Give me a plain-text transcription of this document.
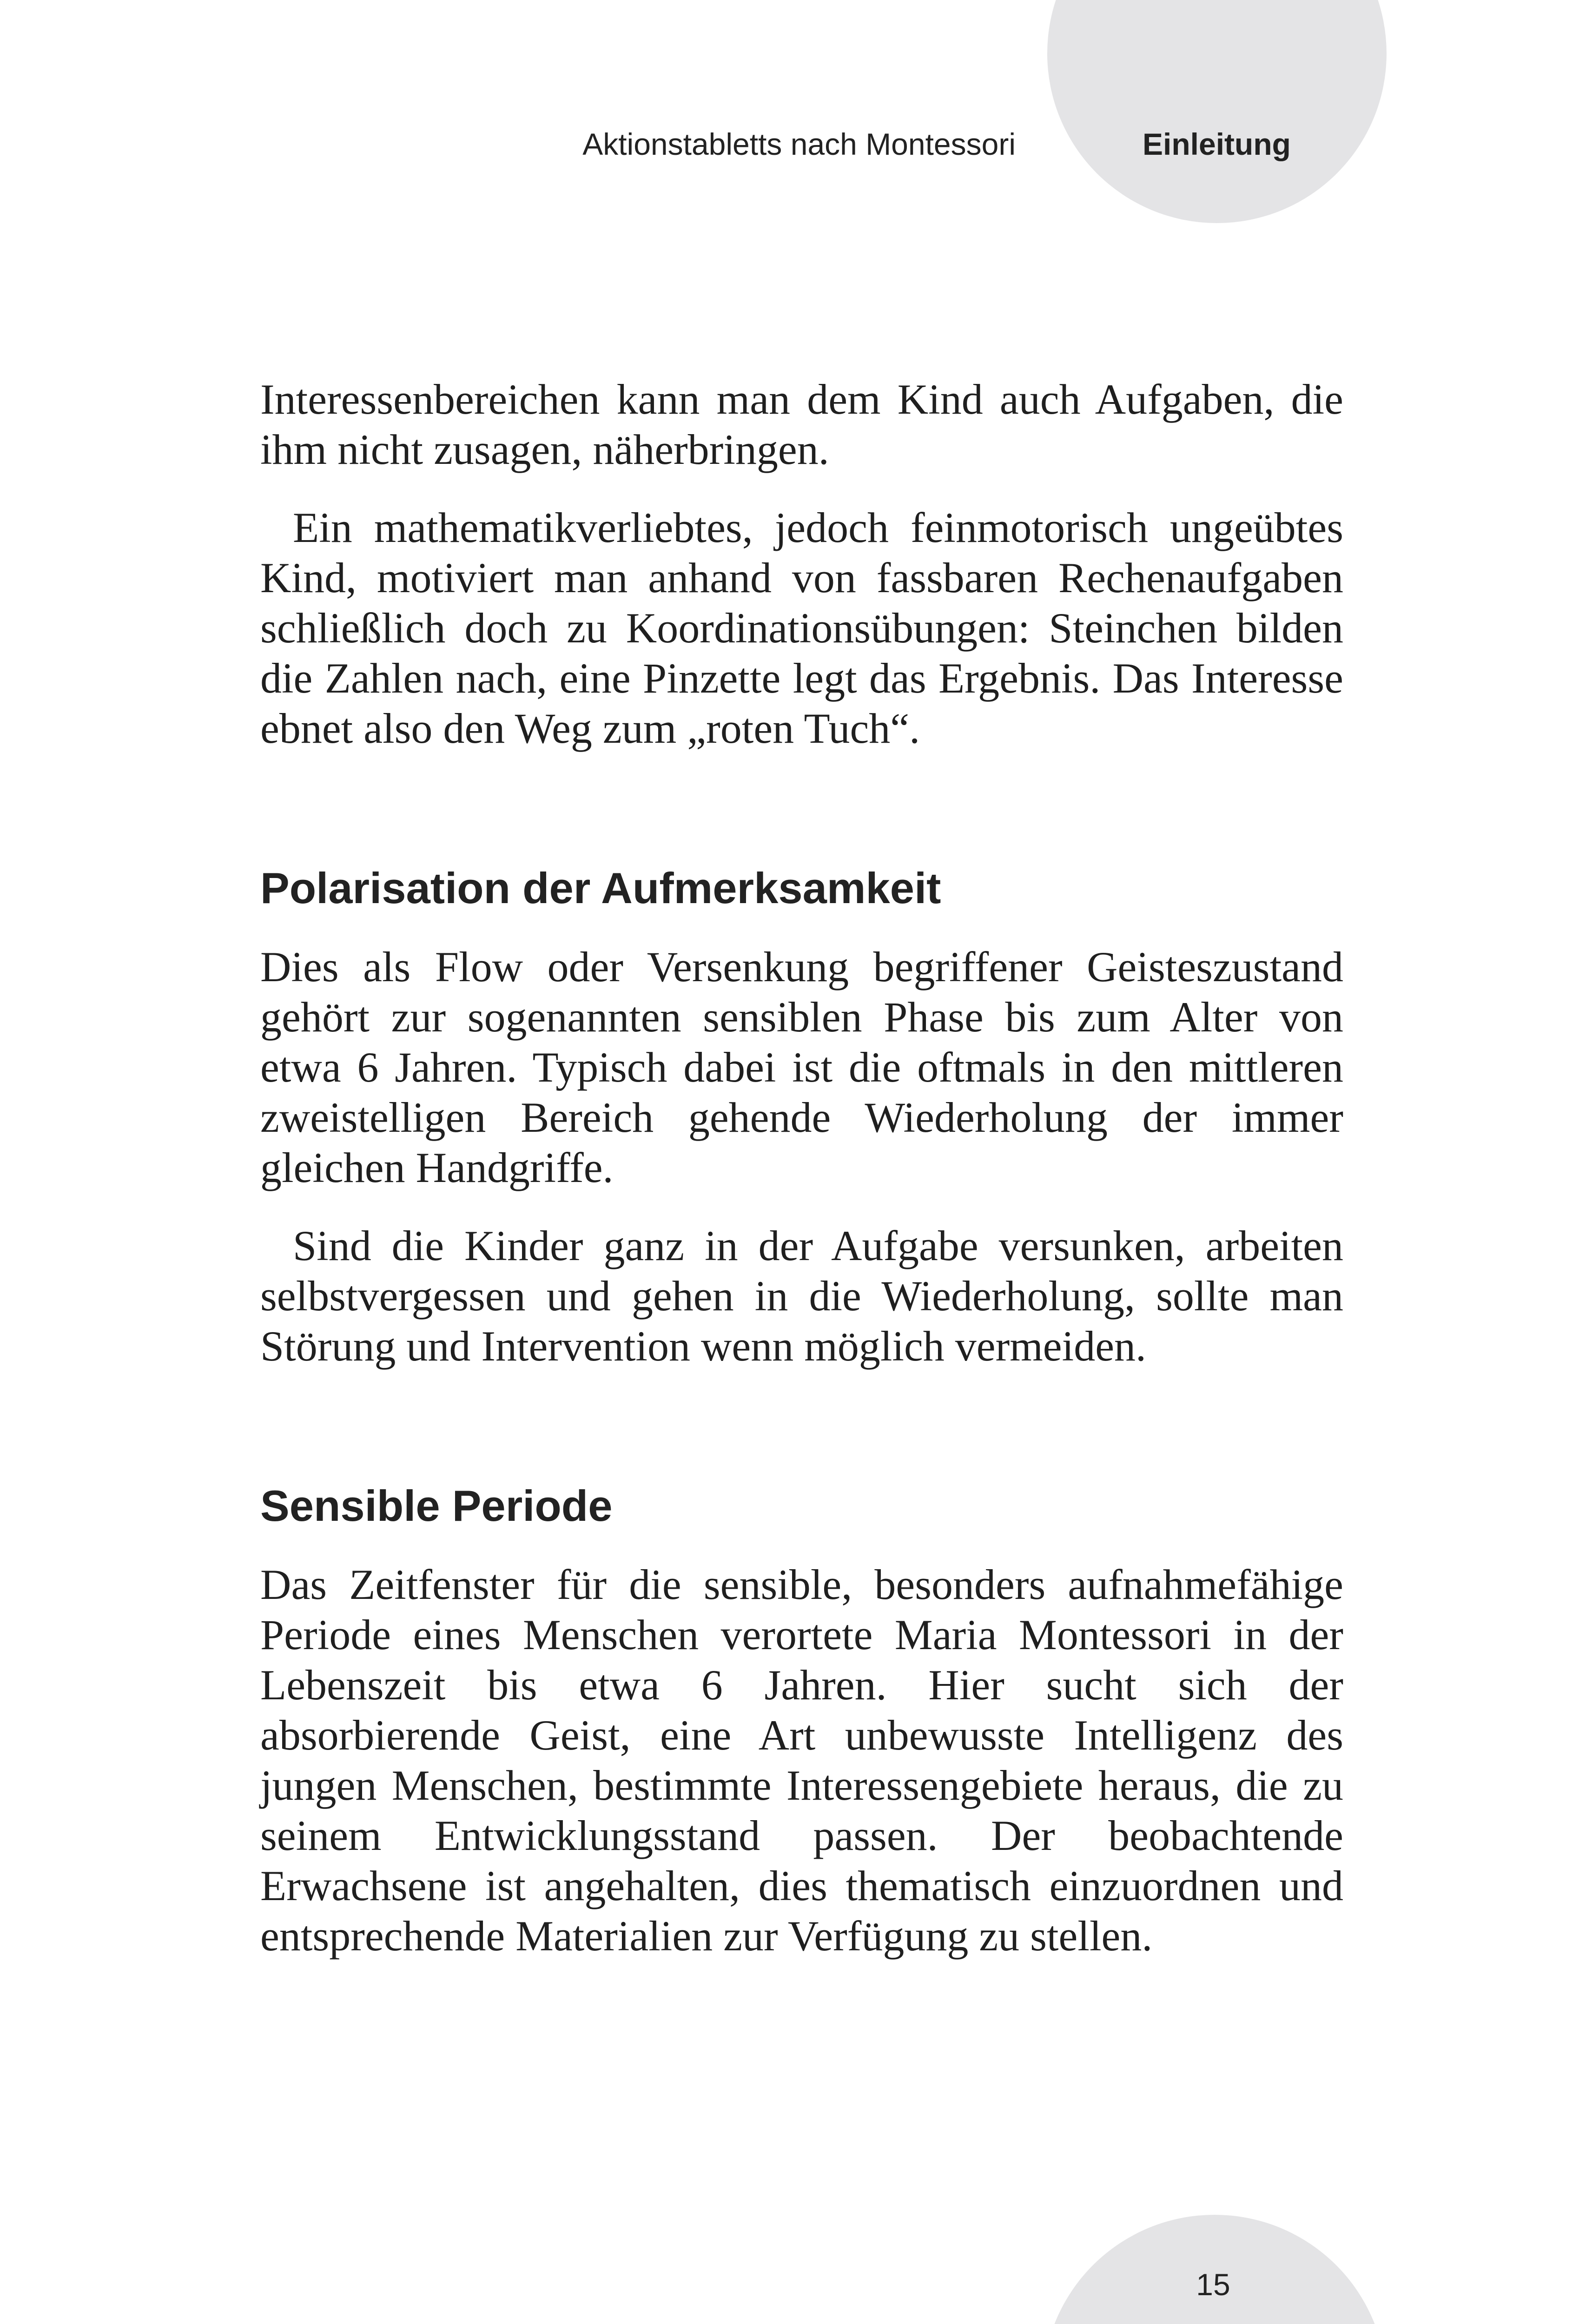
Aktionstabletts nach Montessori	Einleitung

Interessenbereichen kann man dem Kind auch Aufgaben, die ihm nicht zusagen, näherbringen.

Ein mathematikverliebtes, jedoch feinmotorisch ungeübtes Kind, motiviert man anhand von fassbaren Rechenaufgaben schließlich doch zu Koordinationsübungen: Steinchen bilden die Zahlen nach, eine Pinzette legt das Ergebnis. Das Interesse ebnet also den Weg zum „roten Tuch“.

Polarisation der Aufmerksamkeit

Dies als Flow oder Versenkung begriffener Geisteszustand gehört zur sogenannten sensiblen Phase bis zum Alter von etwa 6 Jahren. Typisch dabei ist die oftmals in den mittleren zweistelligen Bereich gehende Wiederholung der immer gleichen Handgriffe.

Sind die Kinder ganz in der Aufgabe versunken, arbeiten selbstvergessen und gehen in die Wiederholung, sollte man Störung und Intervention wenn möglich vermeiden.

Sensible Periode

Das Zeitfenster für die sensible, besonders aufnahmefähige Periode eines Menschen verortete Maria Montessori in der Lebenszeit bis etwa 6 Jahren. Hier sucht sich der absorbierende Geist, eine Art unbewusste Intelligenz des jungen Menschen, bestimmte Interessengebiete heraus, die zu seinem Entwicklungsstand passen. Der beobachtende Erwachsene ist angehalten, dies thematisch einzuordnen und entsprechende Materialien zur Verfügung zu stellen.

15
